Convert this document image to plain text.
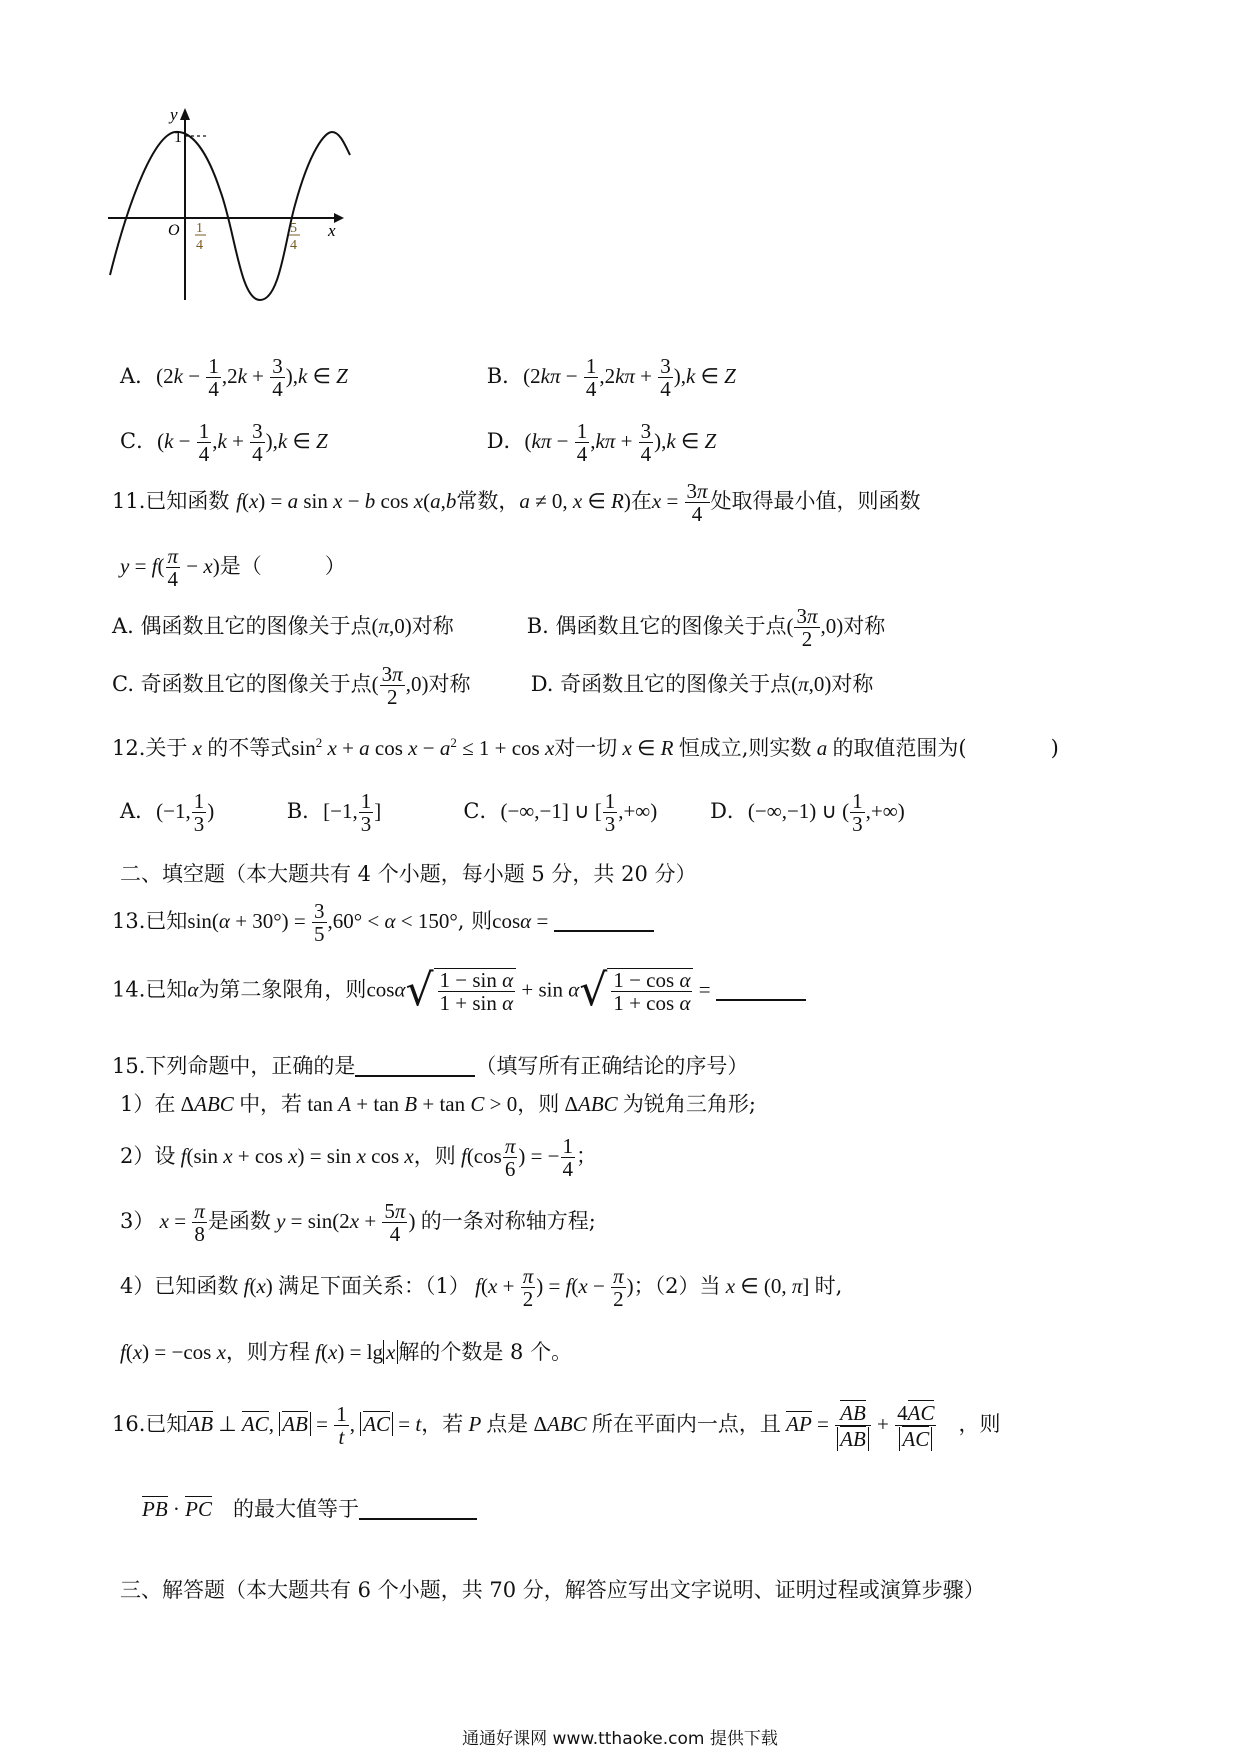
y
1
O	x
1
4
5
4
A．$(2k - \frac{1}{4} ,2k + \frac{3}{4} ),k$ ∈ Z	B．$(2k\pi - \frac{1}{4} ,2k\pi + \frac{3}{4} ),k$ ∈ Z
C．$(k - \frac{1}{4} ,k + \frac{3}{4} ),k$ ∈ Z	D．$(k\pi - \frac{1}{4} ,k\pi + \frac{3}{4} ),k$ ∈ Z
11.已知函数 f(x) = a sin x − b cos x(a,b常数，a ≠ 0, x ∈ R)在$x = \frac{3\pi}{4}$ 处取得最小值，则函数
$y = f( \frac{\pi}{4} - x)$是（　　　）
A. 偶函数且它的图像关于点(π,0)对称	B. 偶函数且它的图像关于点( $\frac{3\pi}{2} ,0$)对称
C. 奇函数且它的图像关于点( $\frac{3\pi}{2} ,0$)对称	D. 奇函数且它的图像关于点(π,0)对称
12.关于 x 的不等式$\sin^2 x + a$ $\cos x - a^2 \le 1 + \cos x$对一切 x ∈ R 恒成立,则实数 a 的取值范围为(　　　　)
A．(−1, $\frac{1}{3}$ )	B．[−1, $\frac{1}{3}$ ]	C．(−∞,−1] ∪ [ $\frac{1}{3}$ ,+∞)	D．(−∞,−1) ∪ ( $\frac{1}{3}$ ,+∞)
二、填空题（本大题共有 4 个小题，每小题 5 分，共 20 分）
13.已知$\sin(\alpha + 30^\circ) = \frac{3}{5} ,60^\circ < \alpha < 150^\circ$, 则cosα =
14.已知α为第二象限角，则$\cos\alpha√ \frac{\text{1 − sin α}}{\text{1 + sin α}} + \sin \alpha√ \frac{\text{1 − cos α}}{\text{1 + cos α}}$ =
15.下列命题中，正确的是	（填写所有正确结论的序号）
1）在 ΔABC 中，若 tan A + tan B + tan C > 0，则 ΔABC 为锐角三角形;
2）设 f(sin x + cos x) = sin x cos x，则 $f(\cos \frac{\pi}{6}$ ) = − $\frac{1}{4}$ ；
3） $x = \frac{\pi}{8}$ 是函数 $y = \sin(2x + \frac{5\pi}{4}$ ) 的一条对称轴方程;
4）已知函数 f(x) 满足下面关系：（1） $f(x + \frac{\pi}{2}$ ) = $f(x - \frac{\pi}{2}$ )；（2）当 x ∈ (0, π] 时,
f(x) = −cos x，则方程 f(x) = lg x 解的个数是 8 个。
16.已知AB ⊥ AC, AB = $\frac{1}{t}$ , AC = t，若 P 点是 ΔABC 所在平面内一点，且 AP = $\frac{AB}{AB} + \frac{4AC}{AC}$
　 ，则
PB · PC　 的最大值等于
三、解答题（本大题共有 6 个小题，共 70 分，解答应写出文字说明、证明过程或演算步骤）
通通好课网 www.tthaoke.com 提供下载
